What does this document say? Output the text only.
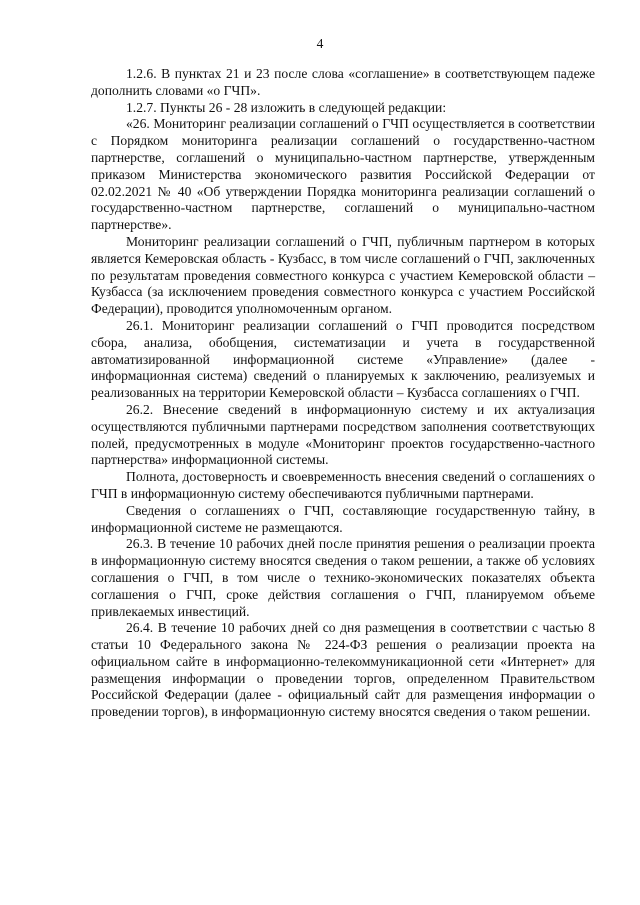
4

1.2.6. В пунктах 21 и 23 после слова «соглашение» в соответствующем падеже дополнить словами «о ГЧП».

1.2.7. Пункты 26 - 28 изложить в следующей редакции:

«26. Мониторинг реализации соглашений о ГЧП осуществляется в соответствии с Порядком мониторинга реализации соглашений о государственно-частном партнерстве, соглашений о муниципально-частном партнерстве, утвержденным приказом Министерства экономического развития Российской Федерации от 02.02.2021 № 40 «Об утверждении Порядка мониторинга реализации соглашений о государственно-частном партнерстве, соглашений о муниципально-частном партнерстве».

Мониторинг реализации соглашений о ГЧП, публичным партнером в которых является Кемеровская область - Кузбасс, в том числе соглашений о ГЧП, заключенных по результатам проведения совместного конкурса с участием Кемеровской области – Кузбасса (за исключением проведения совместного конкурса с участием Российской Федерации), проводится уполномоченным органом.

26.1. Мониторинг реализации соглашений о ГЧП проводится посредством сбора, анализа, обобщения, систематизации и учета в государственной автоматизированной информационной системе «Управление» (далее - информационная система) сведений о планируемых к заключению, реализуемых и реализованных на территории Кемеровской области – Кузбасса соглашениях о ГЧП.

26.2. Внесение сведений в информационную систему и их актуализация осуществляются публичными партнерами посредством заполнения соответствующих полей, предусмотренных в модуле «Мониторинг проектов государственно-частного партнерства» информационной системы.

Полнота, достоверность и своевременность внесения сведений о соглашениях о ГЧП в информационную систему обеспечиваются публичными партнерами.

Сведения о соглашениях о ГЧП, составляющие государственную тайну, в информационной системе не размещаются.

26.3. В течение 10 рабочих дней после принятия решения о реализации проекта в информационную систему вносятся сведения о таком решении, а также об условиях соглашения о ГЧП, в том числе о технико-экономических показателях объекта соглашения о ГЧП, сроке действия соглашения о ГЧП, планируемом объеме привлекаемых инвестиций.

26.4. В течение 10 рабочих дней со дня размещения в соответствии с частью 8 статьи 10 Федерального закона № 224-ФЗ решения о реализации проекта на официальном сайте в информационно-телекоммуникационной сети «Интернет» для размещения информации о проведении торгов, определенном Правительством Российской Федерации (далее - официальный сайт для размещения информации о проведении торгов), в информационную систему вносятся сведения о таком решении.
